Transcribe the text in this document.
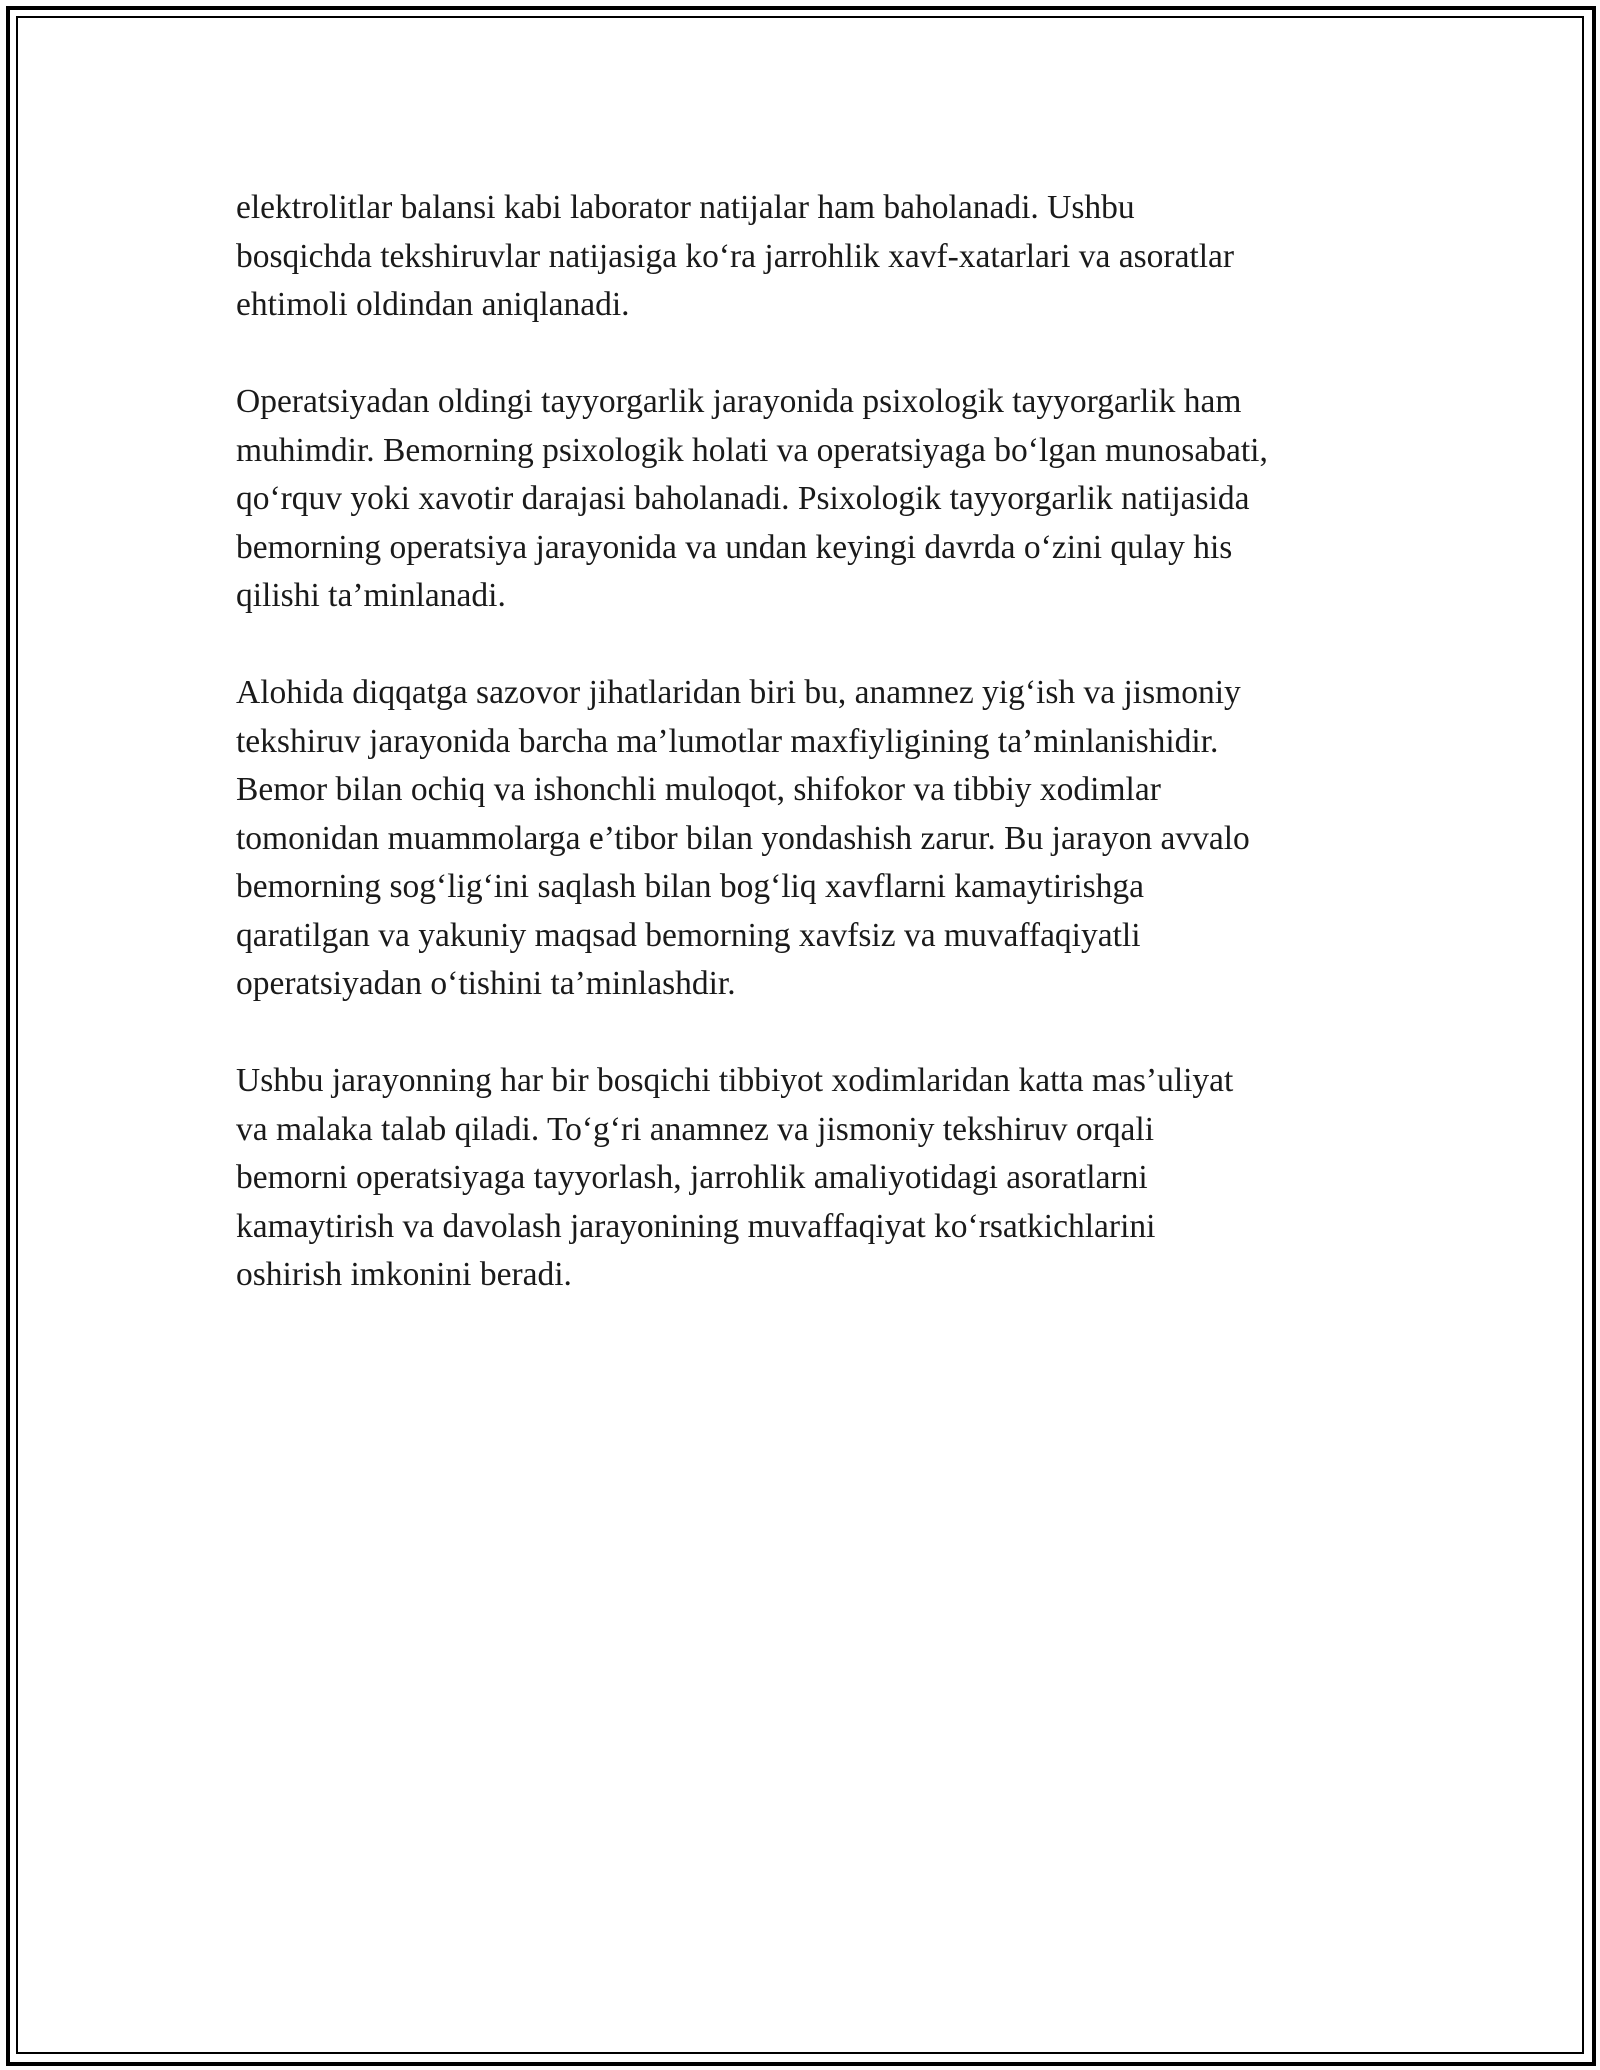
elektrolitlar balansi kabi laborator natijalar ham baholanadi. Ushbu
bosqichda tekshiruvlar natijasiga ko‘ra jarrohlik xavf-xatarlari va asoratlar
ehtimoli oldindan aniqlanadi.

Operatsiyadan oldingi tayyorgarlik jarayonida psixologik tayyorgarlik ham
muhimdir. Bemorning psixologik holati va operatsiyaga bo‘lgan munosabati,
qo‘rquv yoki xavotir darajasi baholanadi. Psixologik tayyorgarlik natijasida
bemorning operatsiya jarayonida va undan keyingi davrda o‘zini qulay his
qilishi ta’minlanadi.

Alohida diqqatga sazovor jihatlaridan biri bu, anamnez yig‘ish va jismoniy
tekshiruv jarayonida barcha ma’lumotlar maxfiyligining ta’minlanishidir.
Bemor bilan ochiq va ishonchli muloqot, shifokor va tibbiy xodimlar
tomonidan muammolarga e’tibor bilan yondashish zarur. Bu jarayon avvalo
bemorning sog‘lig‘ini saqlash bilan bog‘liq xavflarni kamaytirishga
qaratilgan va yakuniy maqsad bemorning xavfsiz va muvaffaqiyatli
operatsiyadan o‘tishini ta’minlashdir.

Ushbu jarayonning har bir bosqichi tibbiyot xodimlaridan katta mas’uliyat
va malaka talab qiladi. To‘g‘ri anamnez va jismoniy tekshiruv orqali
bemorni operatsiyaga tayyorlash, jarrohlik amaliyotidagi asoratlarni
kamaytirish va davolash jarayonining muvaffaqiyat ko‘rsatkichlarini
oshirish imkonini beradi.
